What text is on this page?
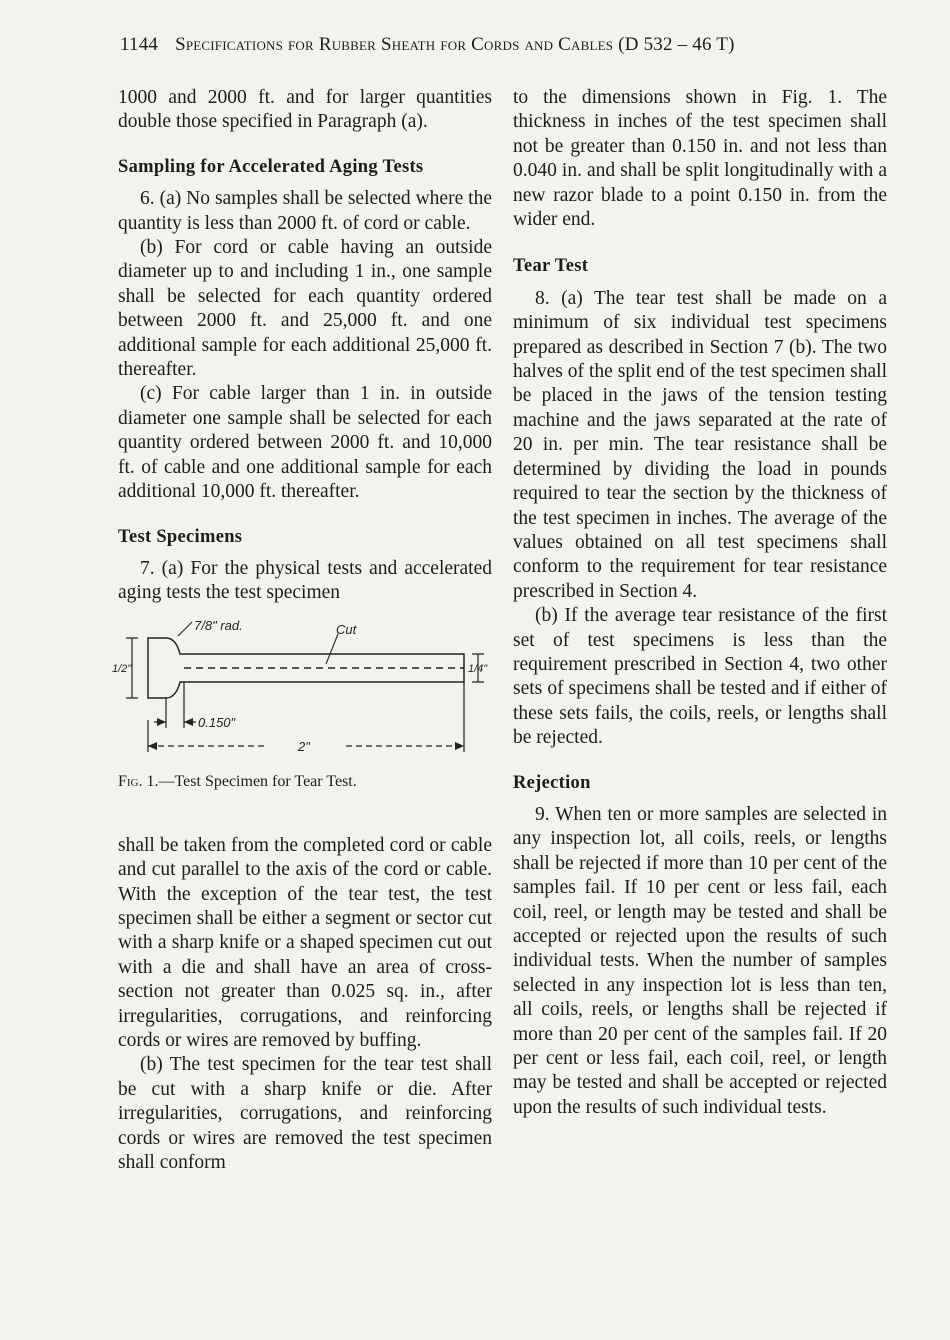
1144 Specifications for Rubber Sheath for Cords and Cables (D 532 – 46 T)

1000 and 2000 ft. and for larger quantities double those specified in Paragraph (a).

Sampling for Accelerated Aging Tests

6. (a) No samples shall be selected where the quantity is less than 2000 ft. of cord or cable.

(b) For cord or cable having an outside diameter up to and including 1 in., one sample shall be selected for each quantity ordered between 2000 ft. and 25,000 ft. and one additional sample for each additional 25,000 ft. thereafter.

(c) For cable larger than 1 in. in outside diameter one sample shall be selected for each quantity ordered between 2000 ft. and 10,000 ft. of cable and one additional sample for each additional 10,000 ft. thereafter.

Test Specimens

7. (a) For the physical tests and accelerated aging tests the test specimen

7/8" rad.	Cut
1/2"	1/4"
0.150"
2"

Fig. 1.—Test Specimen for Tear Test.

shall be taken from the completed cord or cable and cut parallel to the axis of the cord or cable. With the exception of the tear test, the test specimen shall be either a segment or sector cut with a sharp knife or a shaped specimen cut out with a die and shall have an area of cross-section not greater than 0.025 sq. in., after irregularities, corrugations, and reinforcing cords or wires are removed by buffing.

(b) The test specimen for the tear test shall be cut with a sharp knife or die. After irregularities, corrugations, and reinforcing cords or wires are removed the test specimen shall conform

to the dimensions shown in Fig. 1. The thickness in inches of the test specimen shall not be greater than 0.150 in. and not less than 0.040 in. and shall be split longitudinally with a new razor blade to a point 0.150 in. from the wider end.

Tear Test

8. (a) The tear test shall be made on a minimum of six individual test specimens prepared as described in Section 7 (b). The two halves of the split end of the test specimen shall be placed in the jaws of the tension testing machine and the jaws separated at the rate of 20 in. per min. The tear resistance shall be determined by dividing the load in pounds required to tear the section by the thickness of the test specimen in inches. The average of the values obtained on all test specimens shall conform to the requirement for tear resistance prescribed in Section 4.

(b) If the average tear resistance of the first set of test specimens is less than the requirement prescribed in Section 4, two other sets of specimens shall be tested and if either of these sets fails, the coils, reels, or lengths shall be rejected.

Rejection

9. When ten or more samples are selected in any inspection lot, all coils, reels, or lengths shall be rejected if more than 10 per cent of the samples fail. If 10 per cent or less fail, each coil, reel, or length may be tested and shall be accepted or rejected upon the results of such individual tests. When the number of samples selected in any inspection lot is less than ten, all coils, reels, or lengths shall be rejected if more than 20 per cent of the samples fail. If 20 per cent or less fail, each coil, reel, or length may be tested and shall be accepted or rejected upon the results of such individual tests.
